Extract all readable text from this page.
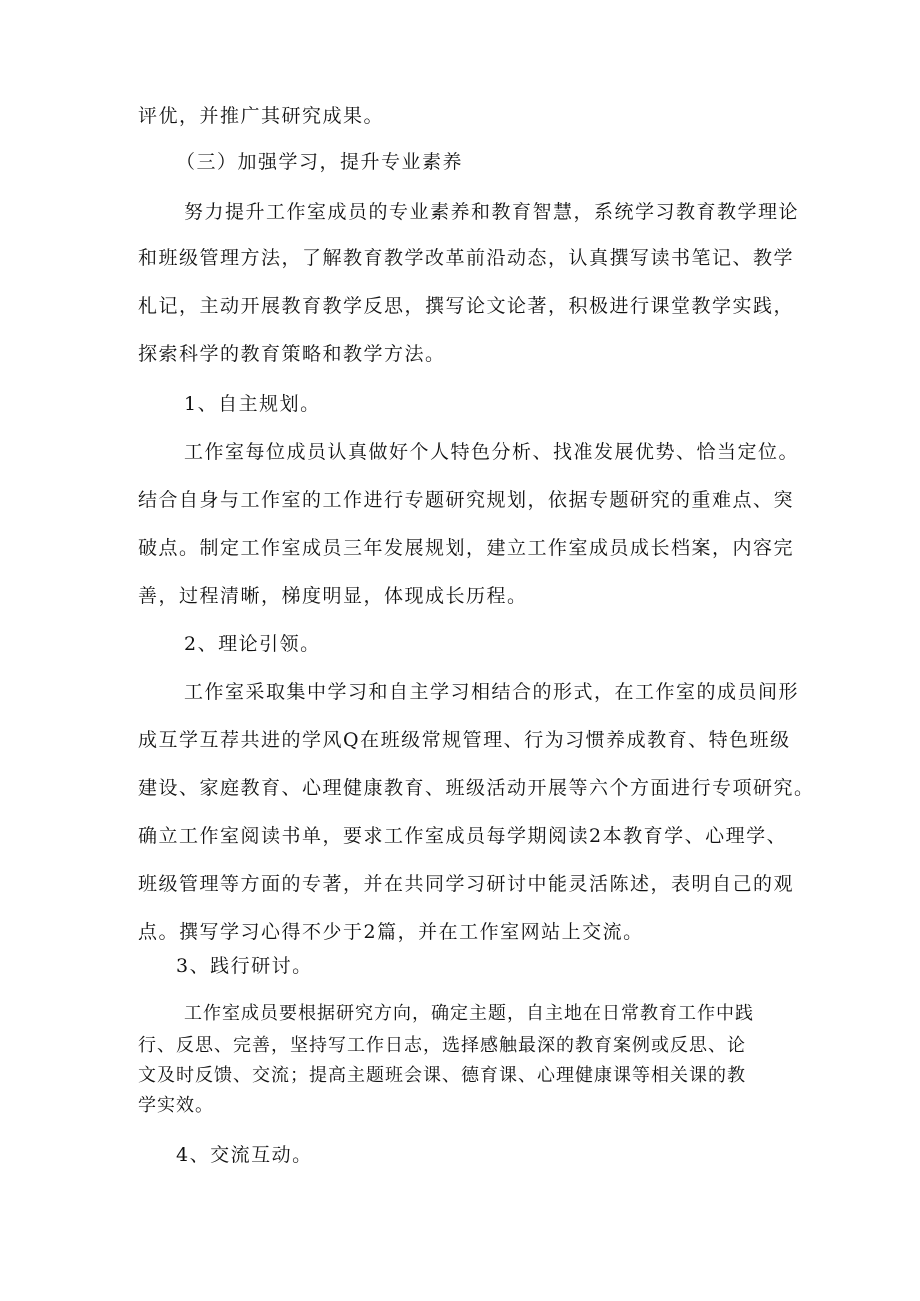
评优，并推广其研究成果。
（三）加强学习，提升专业素养
努力提升工作室成员的专业素养和教育智慧，系统学习教育教学理论
和班级管理方法，了解教育教学改革前沿动态，认真撰写读书笔记、教学
札记，主动开展教育教学反思，撰写论文论著，积极进行课堂教学实践，
探索科学的教育策略和教学方法。
1、自主规划。
工作室每位成员认真做好个人特色分析、找准发展优势、恰当定位。
结合自身与工作室的工作进行专题研究规划，依据专题研究的重难点、突
破点。制定工作室成员三年发展规划，建立工作室成员成长档案，内容完
善，过程清晰，梯度明显，体现成长历程。
2、理论引领。
工作室采取集中学习和自主学习相结合的形式，在工作室的成员间形
成互学互荐共进的学风Q在班级常规管理、行为习惯养成教育、特色班级
建设、家庭教育、心理健康教育、班级活动开展等六个方面进行专项研究。
确立工作室阅读书单，要求工作室成员每学期阅读2本教育学、心理学、
班级管理等方面的专著，并在共同学习研讨中能灵活陈述，表明自己的观
点。撰写学习心得不少于2篇，并在工作室网站上交流。
3、践行研讨。
工作室成员要根据研究方向，确定主题，自主地在日常教育工作中践
行、反思、完善，坚持写工作日志，选择感触最深的教育案例或反思、论
文及时反馈、交流；提高主题班会课、德育课、心理健康课等相关课的教
学实效。
4、交流互动。
